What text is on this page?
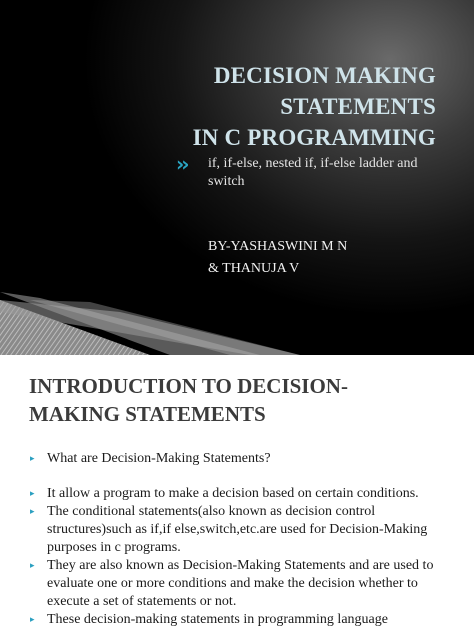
DECISION MAKING
STATEMENTS
IN C PROGRAMMING
›› if, if-else, nested if, if-else ladder and switch
BY-YASHASWINI M N
& THANUJA V
INTRODUCTION TO DECISION-
MAKING STATEMENTS
▸ What are Decision-Making Statements?
▸ It allow a program to make a decision based on certain conditions.
▸ The conditional statements(also known as decision control structures)such as if,if else,switch,etc.are used for Decision-Making purposes in c programs.
▸ They are also known as Decision-Making Statements and are used to evaluate one or more conditions and make the decision whether to execute a set of statements or not.
▸ These decision-making statements in programming language
